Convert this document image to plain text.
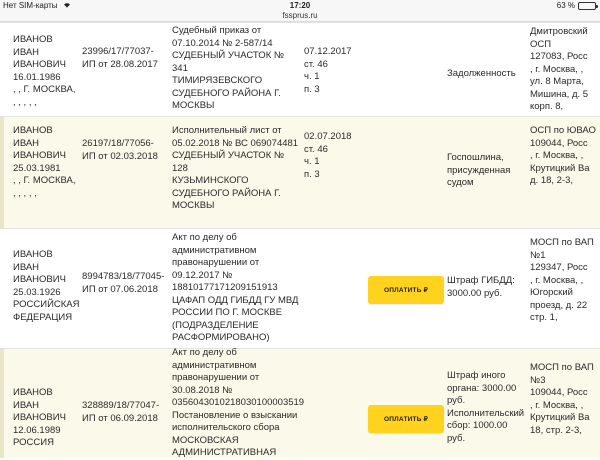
Нет SIM-карты	17:20	63 %
fssprus.ru
ИВАНОВ
ИВАН
ИВАНОВИЧ
16.01.1986
, , Г. МОСКВА,
, , , , ,
23996/17/77037-
ИП от 28.08.2017
Судебный приказ от
07.10.2014 № 2-587/14
СУДЕБНЫЙ УЧАСТОК № 341
ТИМИРЯЗЕВСКОГО
СУДЕБНОГО РАЙОНА Г.
МОСКВЫ
07.12.2017
ст. 46
ч. 1
п. 3
Задолженность
Дмитровский
ОСП
127083, Росс
, г. Москва, ,
ул. 8 Марта,
Мишина, д. 5
корп. 8,
ИВАНОВ
ИВАН
ИВАНОВИЧ
25.03.1981
, , Г. МОСКВА,
, , , , ,
26197/18/77056-
ИП от 02.03.2018
Исполнительный лист от
05.02.2018 № ВС 069074481
СУДЕБНЫЙ УЧАСТОК № 128
КУЗЬМИНСКОГО
СУДЕБНОГО РАЙОНА Г.
МОСКВЫ
02.07.2018
ст. 46
ч. 1
п. 3
Госпошлина,
присужденная
судом
ОСП по ЮВАО
109044, Росс
, г. Москва, ,
Крутицкий Ва
д. 18, 2-3,
ИВАНОВ
ИВАН
ИВАНОВИЧ
25.03.1926
РОССИЙСКАЯ
ФЕДЕРАЦИЯ
8994783/18/77045-
ИП от 07.06.2018
Акт по делу об
административном
правонарушении от
09.12.2017 №
18810177171209151913
ЦАФАП ОДД ГИБДД ГУ МВД
РОССИИ ПО Г. МОСКВЕ
(ПОДРАЗДЕЛЕНИЕ
РАСФОРМИРОВАНО)
ОПЛАТИТЬ ₽
Штраф ГИБДД:
3000.00 руб.
МОСП по ВАП
№1
129347, Росс
, г. Москва, ,
Югорский
проезд, д. 22
стр. 1,
ИВАНОВ
ИВАН
ИВАНОВИЧ
12.06.1989
РОССИЯ
328889/18/77047-
ИП от 06.09.2018
Акт по делу об
административном
правонарушении от
30.08.2018 №
0356043010218030100003519
Постановление о взыскании
исполнительского сбора
МОСКОВСКАЯ
АДМИНИСТРАТИВНАЯ
ОПЛАТИТЬ ₽
Штраф иного
органа: 3000.00
руб.
Исполнительский
сбор: 1000.00
руб.
МОСП по ВАП
№3
109044, Росс
, г. Москва, ,
Крутицкий Ва
18, стр. 2-3,
